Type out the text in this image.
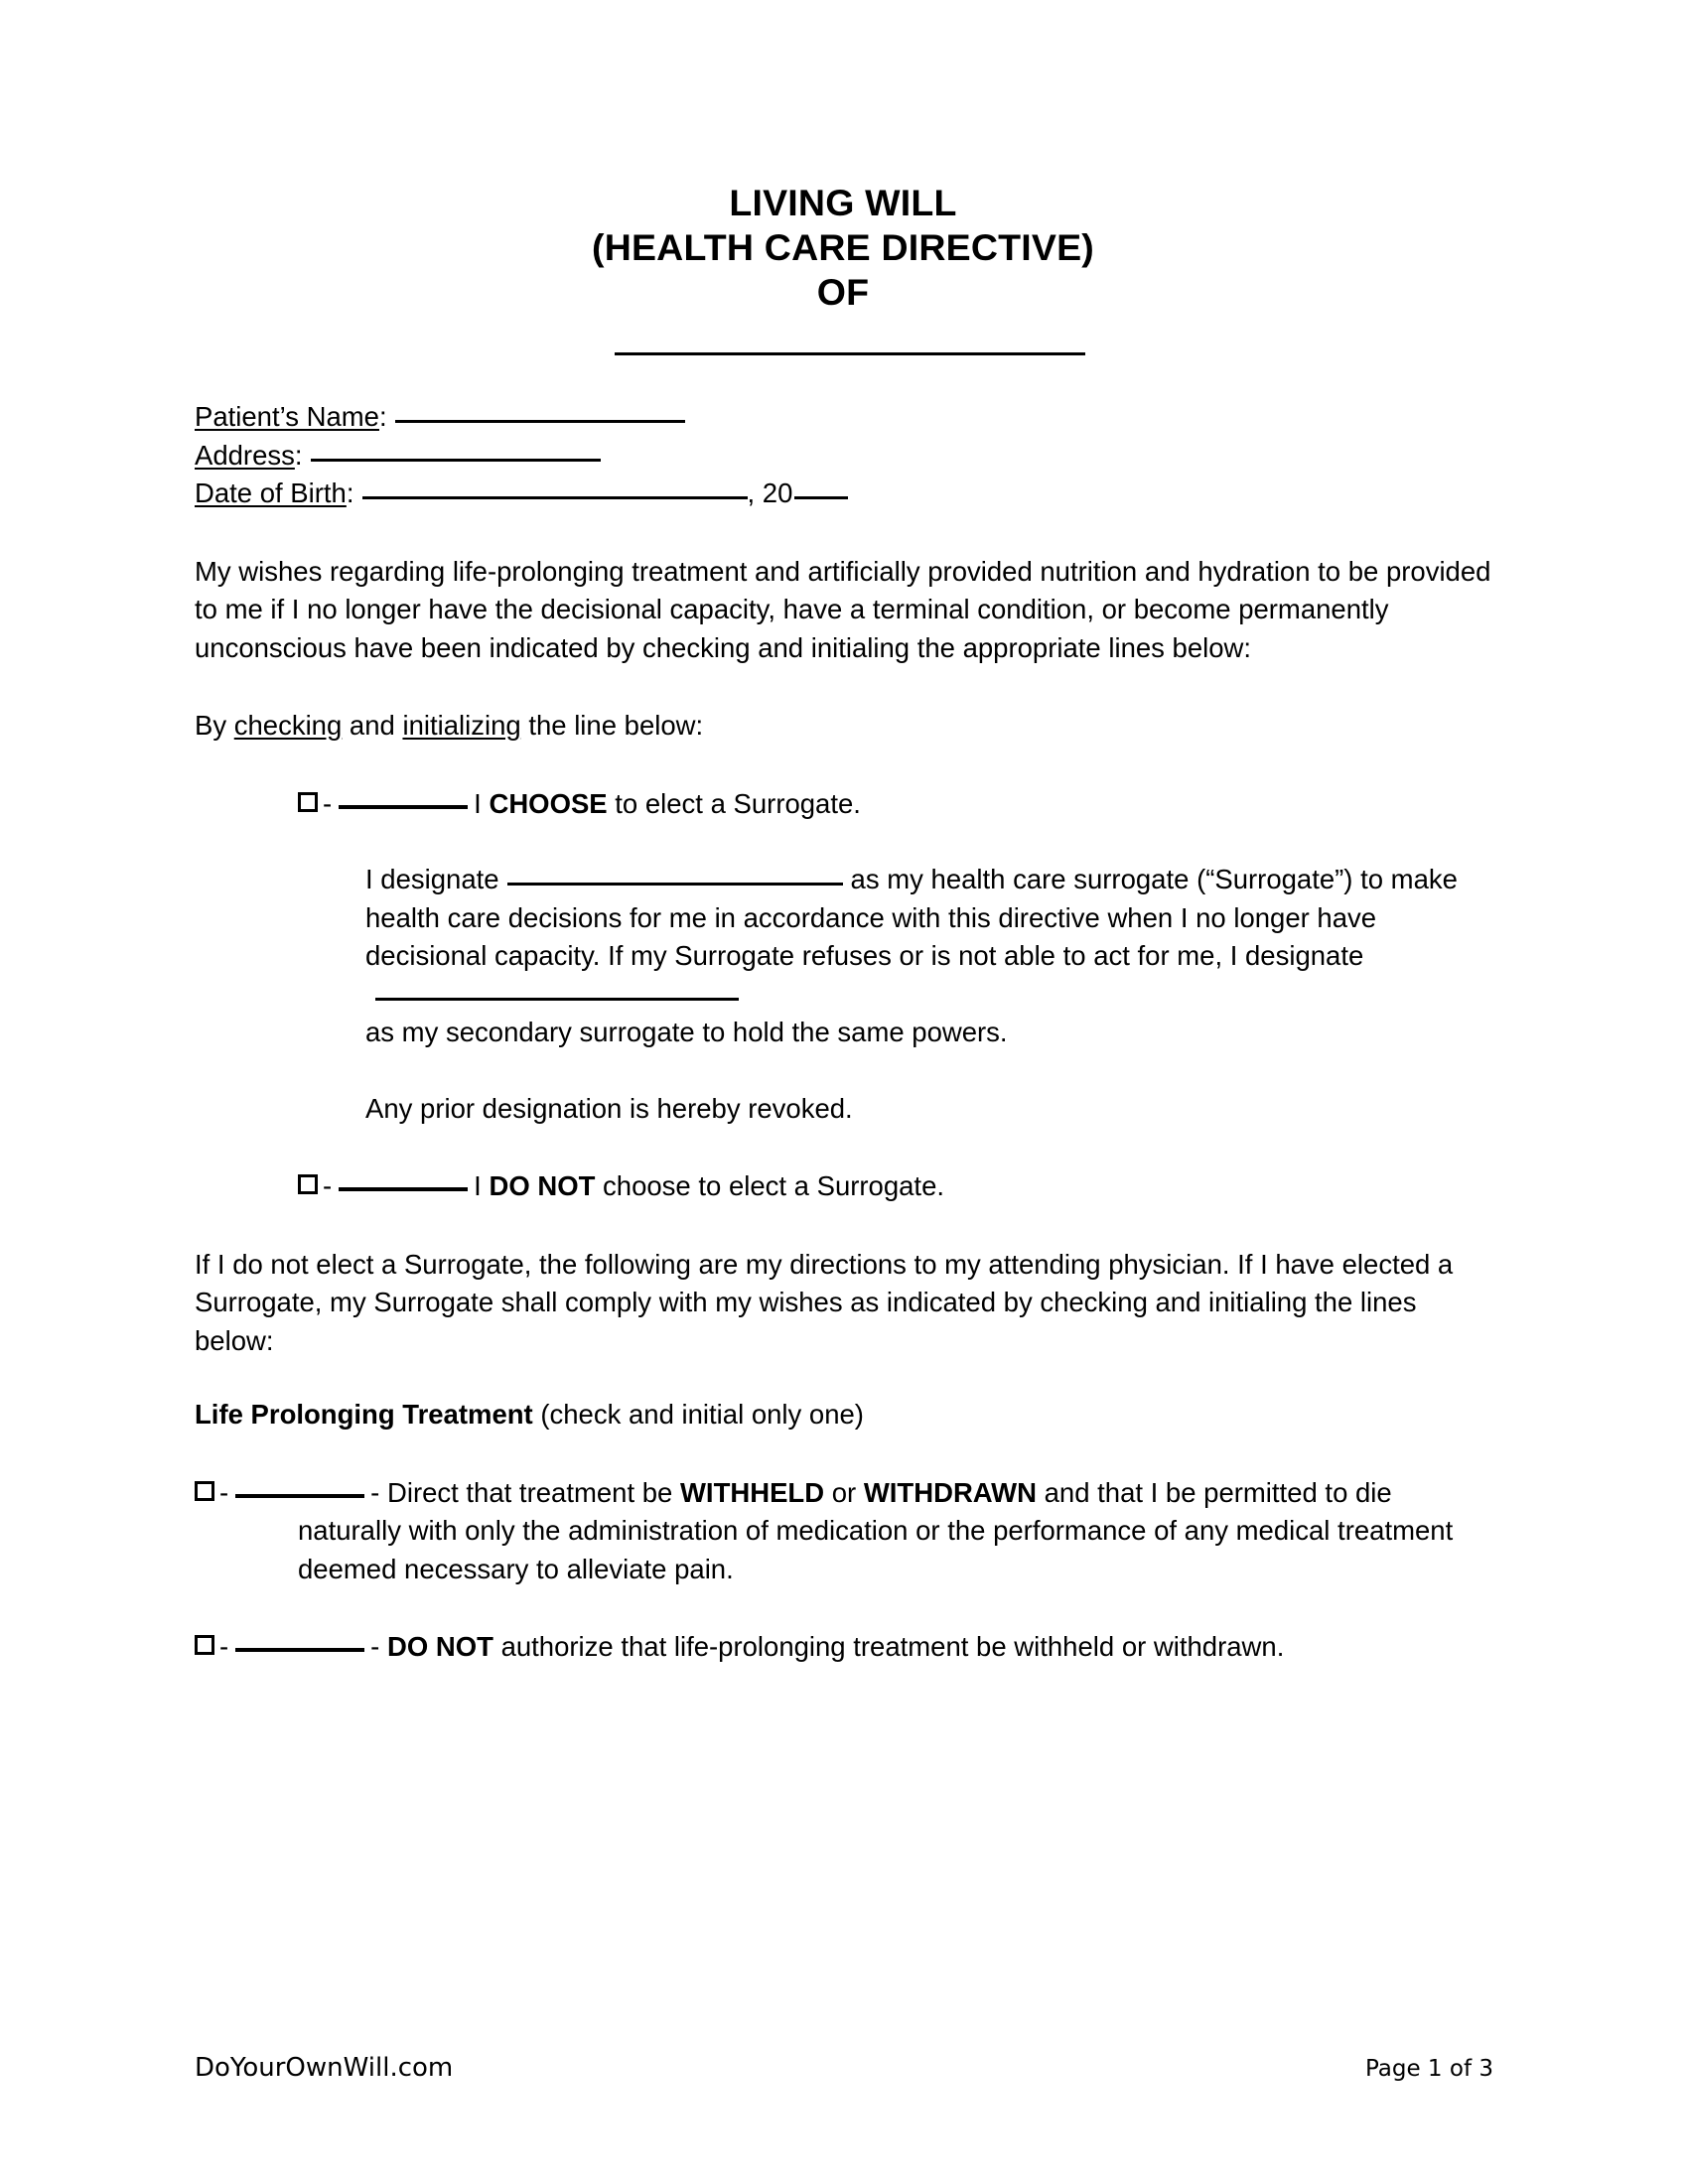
LIVING WILL
(HEALTH CARE DIRECTIVE)
OF
Patient’s Name:
Address:
Date of Birth:	, 20
My wishes regarding life-prolonging treatment and artificially provided nutrition and hydration to be provided to me if I no longer have the decisional capacity, have a terminal condition, or become permanently unconscious have been indicated by checking and initialing the appropriate lines below:
By checking and initializing the line below:
-	I CHOOSE to elect a Surrogate.
I designate	as my health care surrogate (“Surrogate”) to make health care decisions for me in accordance with this directive when I no longer have decisional capacity. If my Surrogate refuses or is not able to act for me, I designate
as my secondary surrogate to hold the same powers.
Any prior designation is hereby revoked.
-	I DO NOT choose to elect a Surrogate.
If I do not elect a Surrogate, the following are my directions to my attending physician. If I have elected a Surrogate, my Surrogate shall comply with my wishes as indicated by checking and initialing the lines below:
Life Prolonging Treatment (check and initial only one)
-	- Direct that treatment be WITHHELD or WITHDRAWN and that I be permitted to die naturally with only the administration of medication or the performance of any medical treatment deemed necessary to alleviate pain.
-	- DO NOT authorize that life-prolonging treatment be withheld or withdrawn.
DoYourOwnWill.com	Page 1 of 3
